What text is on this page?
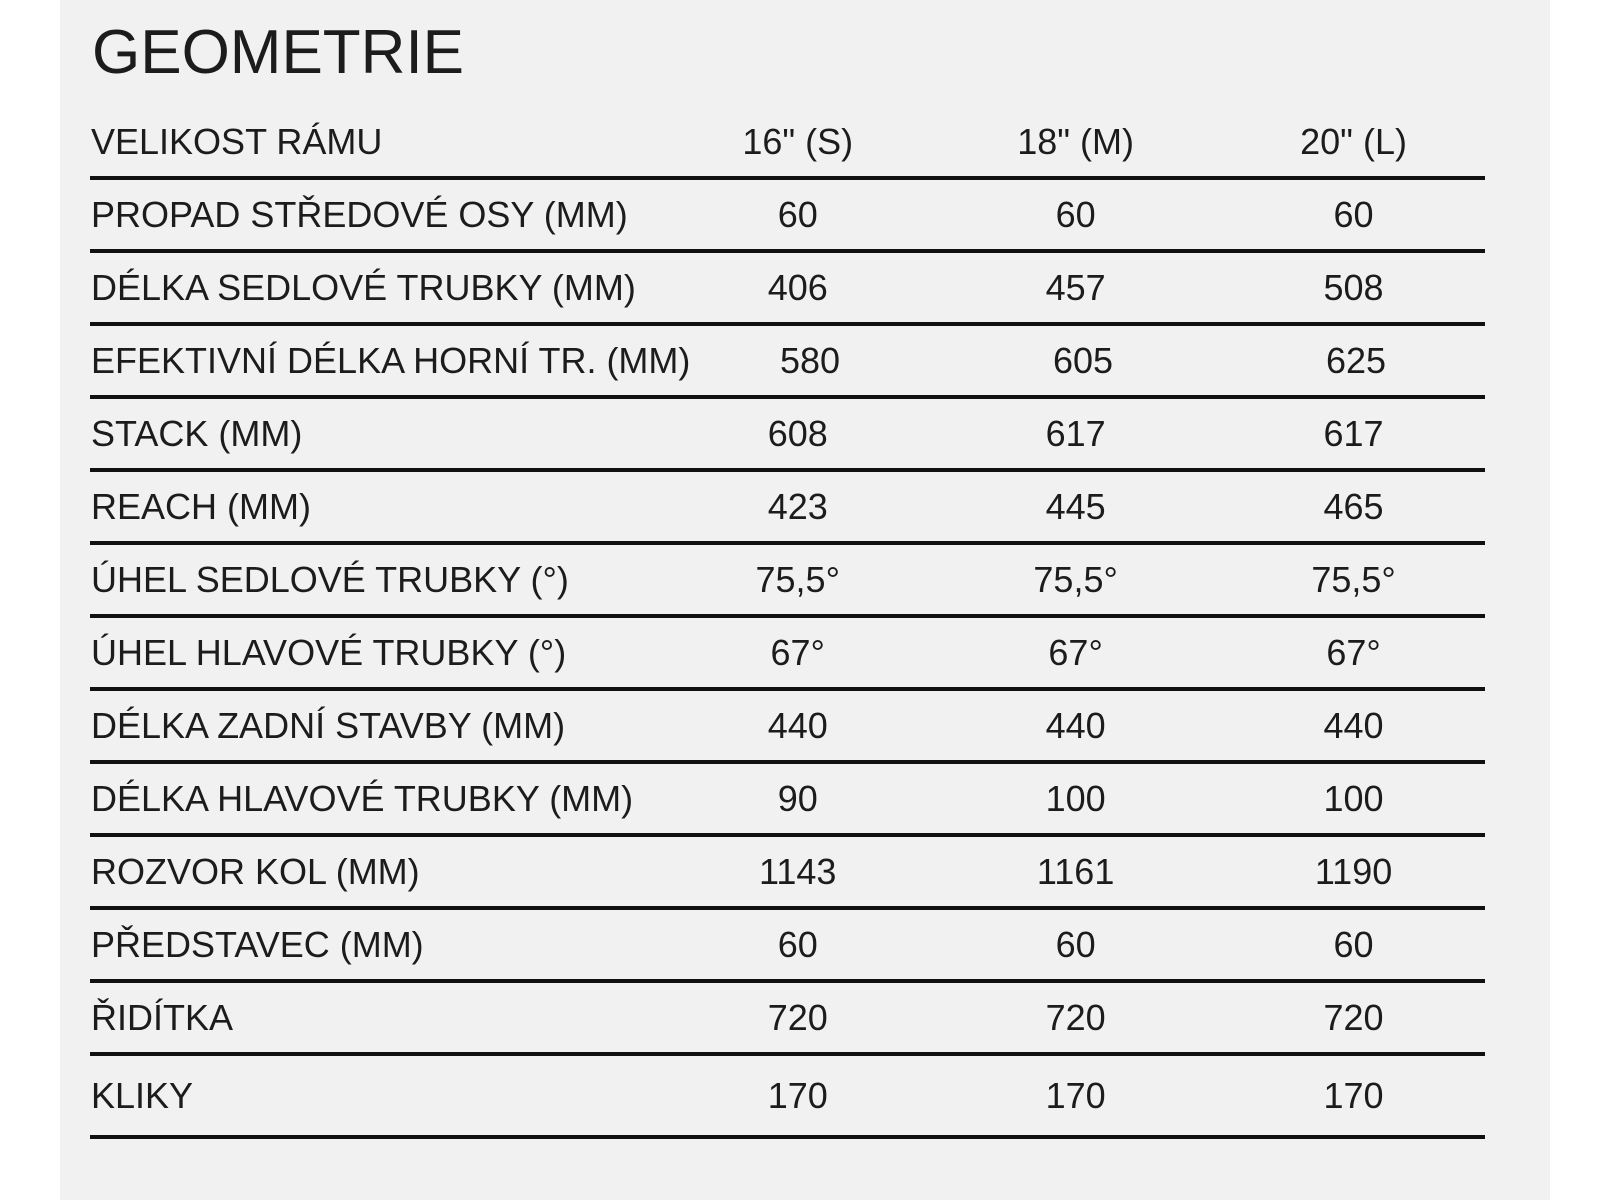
GEOMETRIE
VELIKOST RÁMU	16" (S)	18" (M)	20" (L)
PROPAD STŘEDOVÉ OSY (MM)	60	60	60
DÉLKA SEDLOVÉ TRUBKY (MM)	406	457	508
EFEKTIVNÍ DÉLKA HORNÍ TR. (MM)	580	605	625
STACK (MM)	608	617	617
REACH (MM)	423	445	465
ÚHEL SEDLOVÉ TRUBKY (°)	75,5°	75,5°	75,5°
ÚHEL HLAVOVÉ TRUBKY (°)	67°	67°	67°
DÉLKA ZADNÍ STAVBY (MM)	440	440	440
DÉLKA HLAVOVÉ TRUBKY (MM)	90	100	100
ROZVOR KOL (MM)	1143	1161	1190
PŘEDSTAVEC (MM)	60	60	60
ŘIDÍTKA	720	720	720
KLIKY	170	170	170
